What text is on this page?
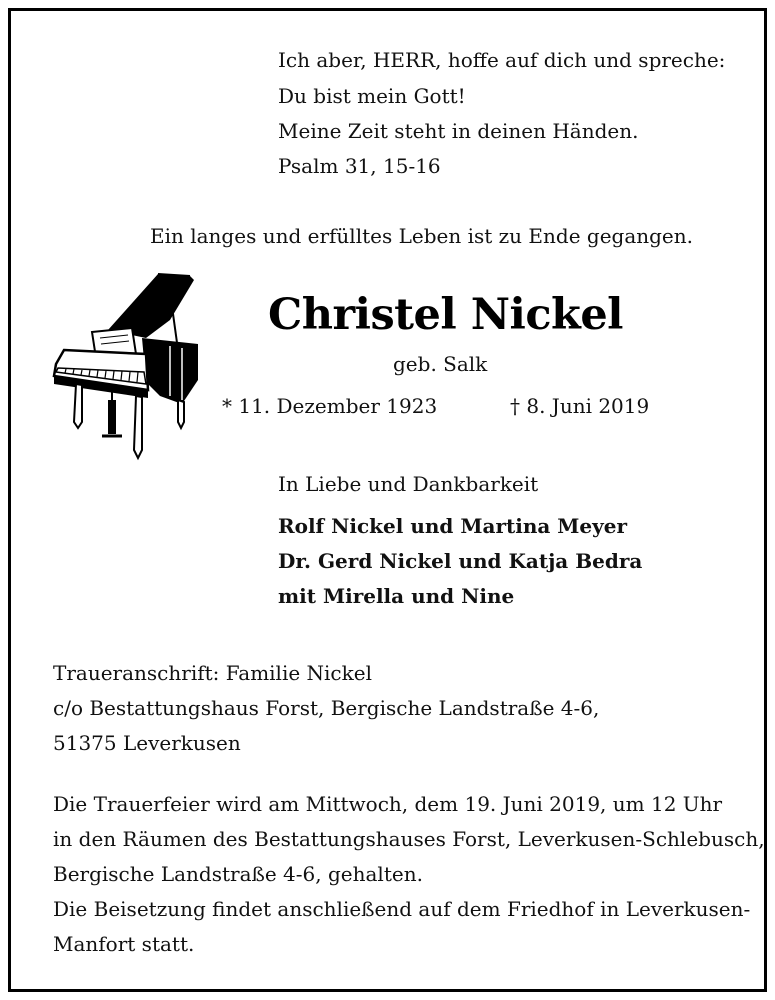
Ich aber, HERR, hoffe auf dich und spreche:
Du bist mein Gott!
Meine Zeit steht in deinen Händen.
Psalm 31, 15-16
Ein langes und erfülltes Leben ist zu Ende gegangen.
Christel Nickel
geb. Salk
* 11. Dezember 1923	† 8. Juni 2019
In Liebe und Dankbarkeit
Rolf Nickel und Martina Meyer
Dr. Gerd Nickel und Katja Bedra
mit Mirella und Nine
Traueranschrift: Familie Nickel
c/o Bestattungshaus Forst, Bergische Landstraße 4-6,
51375 Leverkusen
Die Trauerfeier wird am Mittwoch, dem 19. Juni 2019, um 12 Uhr
in den Räumen des Bestattungshauses Forst, Leverkusen-Schlebusch,
Bergische Landstraße 4-6, gehalten.
Die Beisetzung findet anschließend auf dem Friedhof in Leverkusen-
Manfort statt.
